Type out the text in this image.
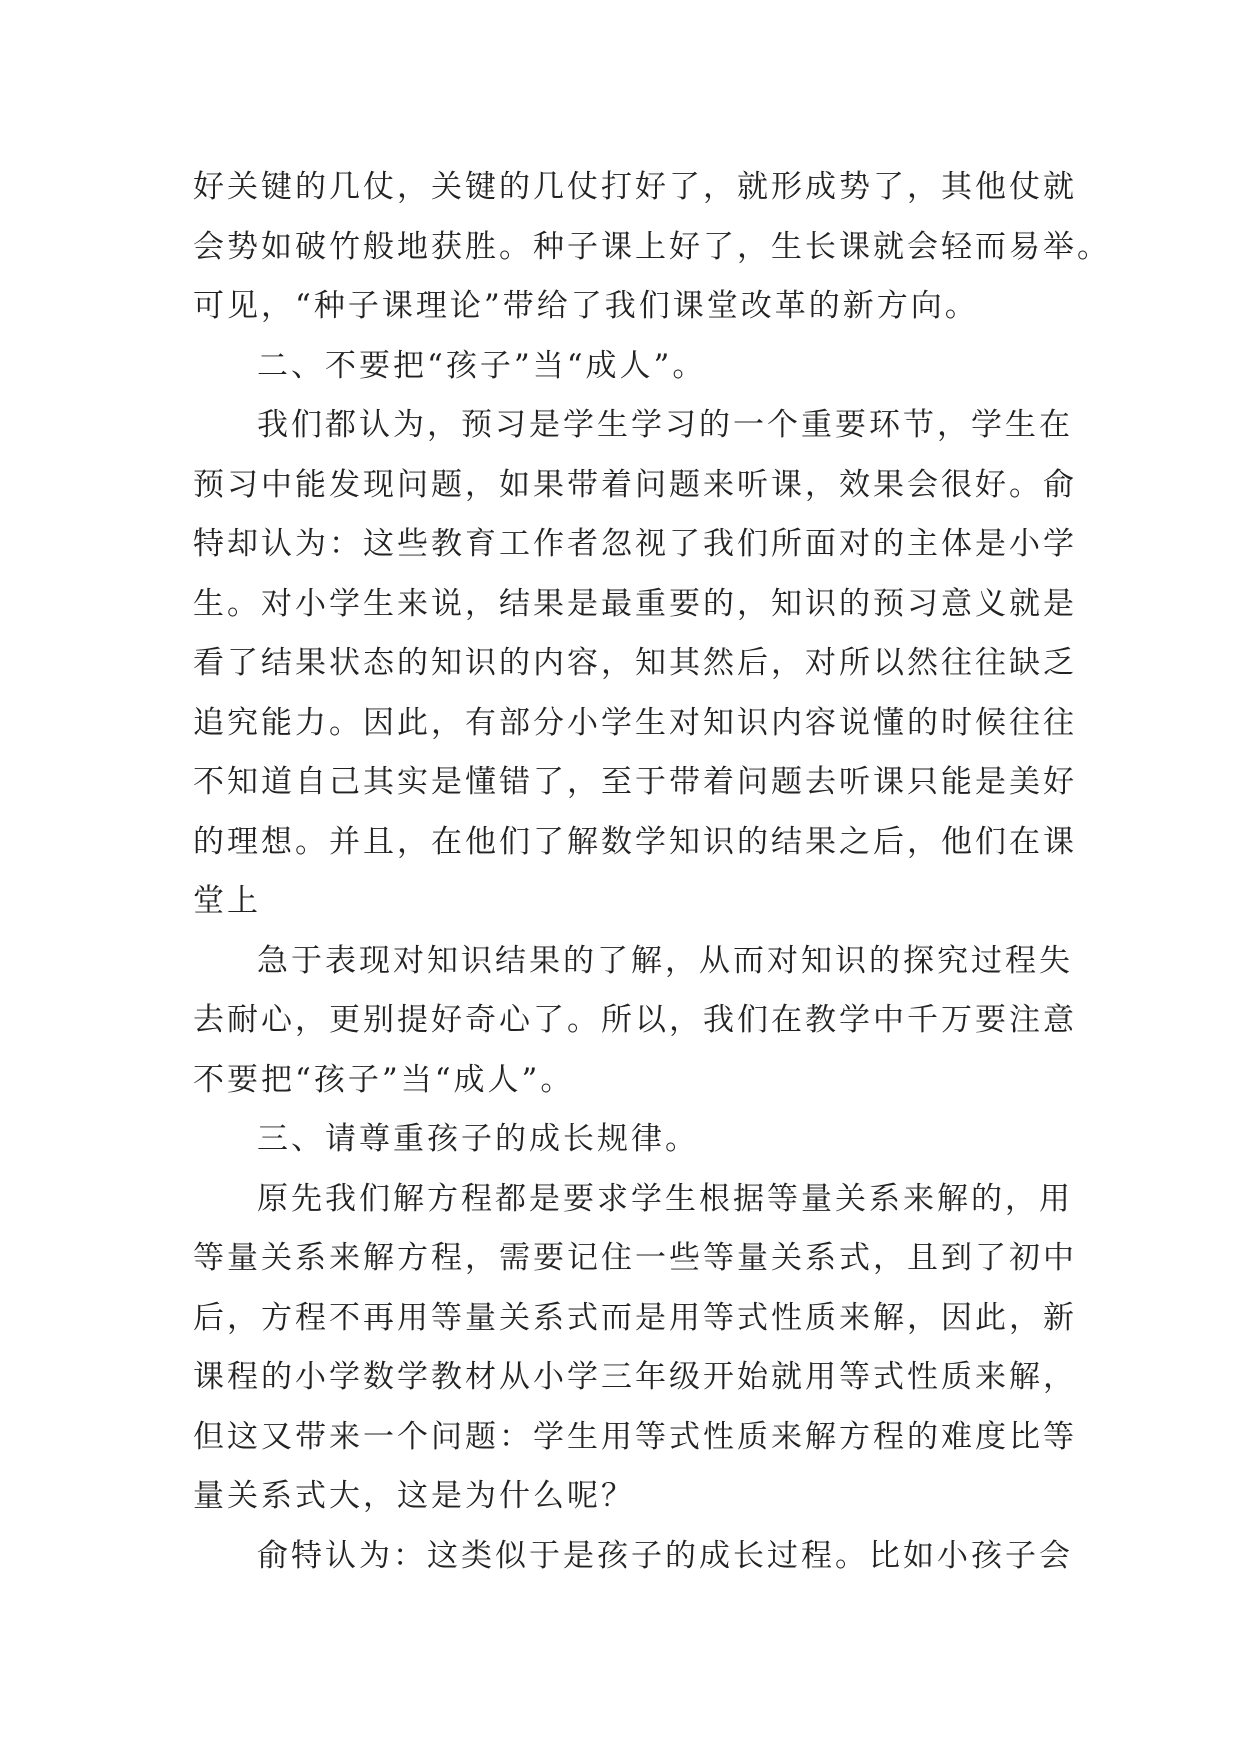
好关键的几仗，关键的几仗打好了，就形成势了，其他仗就
会势如破竹般地获胜。种子课上好了，生长课就会轻而易举。
可见，“种子课理论”带给了我们课堂改革的新方向。
二、不要把“孩子”当“成人”。
我们都认为，预习是学生学习的一个重要环节，学生在
预习中能发现问题，如果带着问题来听课，效果会很好。俞
特却认为：这些教育工作者忽视了我们所面对的主体是小学
生。对小学生来说，结果是最重要的，知识的预习意义就是
看了结果状态的知识的内容，知其然后，对所以然往往缺乏
追究能力。因此，有部分小学生对知识内容说懂的时候往往
不知道自己其实是懂错了，至于带着问题去听课只能是美好
的理想。并且，在他们了解数学知识的结果之后，他们在课
堂上
急于表现对知识结果的了解，从而对知识的探究过程失
去耐心，更别提好奇心了。所以，我们在教学中千万要注意
不要把“孩子”当“成人”。
三、请尊重孩子的成长规律。
原先我们解方程都是要求学生根据等量关系来解的，用
等量关系来解方程，需要记住一些等量关系式，且到了初中
后，方程不再用等量关系式而是用等式性质来解，因此，新
课程的小学数学教材从小学三年级开始就用等式性质来解，
但这又带来一个问题：学生用等式性质来解方程的难度比等
量关系式大，这是为什么呢？
俞特认为：这类似于是孩子的成长过程。比如小孩子会
